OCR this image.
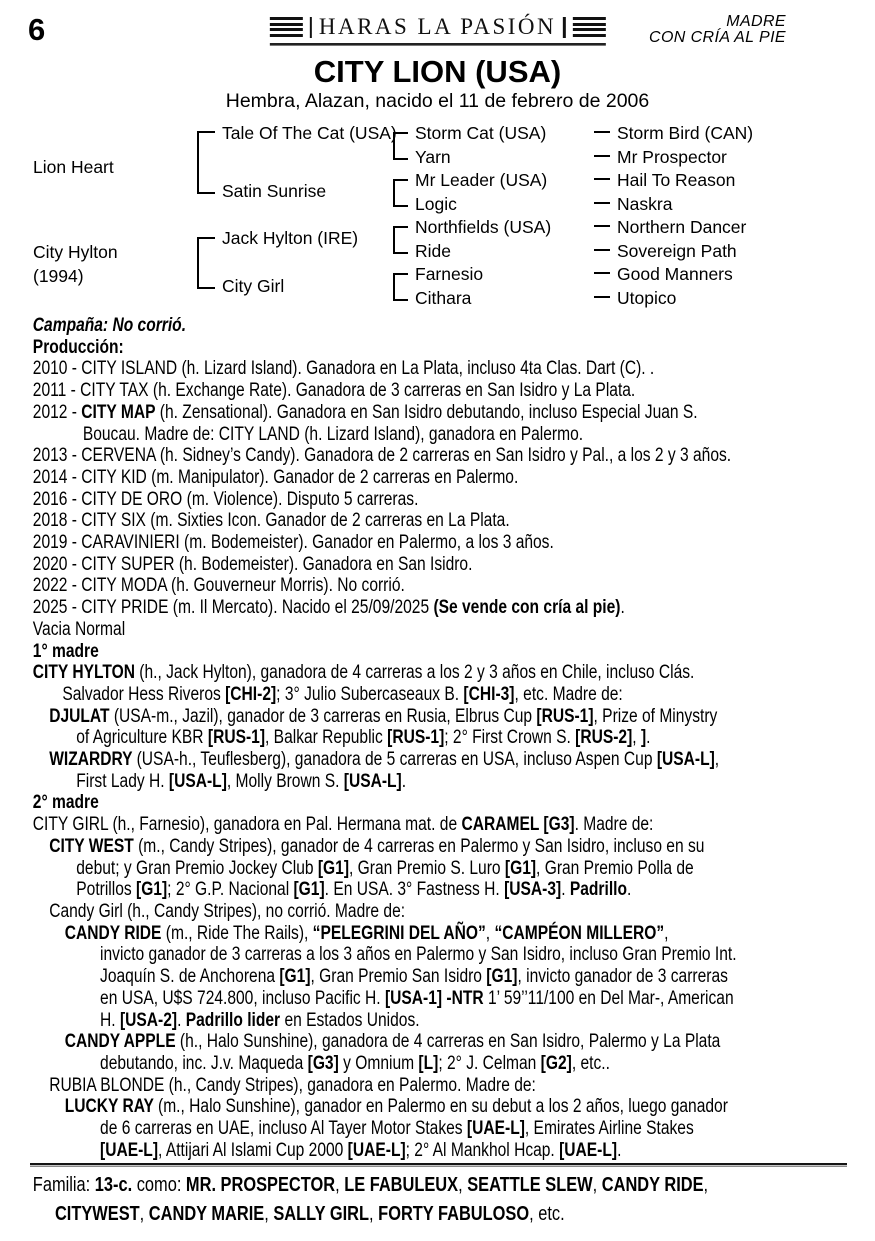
6	HARAS LA PASIÓN	MADRE
CON CRÍA AL PIE
CITY LION (USA)
Hembra, Alazan, nacido el 11 de febrero de 2006
Lion Heart
City Hylton
(1994)
Tale Of The Cat (USA)
Satin Sunrise
Jack Hylton (IRE)
City Girl
Storm Cat (USA)
Yarn
Mr Leader (USA)
Logic
Northfields (USA)
Ride
Farnesio
Cithara
Storm Bird (CAN)
Mr Prospector
Hail To Reason
Naskra
Northern Dancer
Sovereign Path
Good Manners
Utopico
Campaña: No corrió.
Producción:
2010 - CITY ISLAND (h. Lizard Island). Ganadora en La Plata, incluso 4ta Clas. Dart (C). .
2011 - CITY TAX (h. Exchange Rate). Ganadora de 3 carreras en San Isidro y La Plata.
2012 - CITY MAP (h. Zensational). Ganadora en San Isidro debutando, incluso Especial Juan S.
Boucau. Madre de: CITY LAND (h. Lizard Island), ganadora en Palermo.
2013 - CERVENA (h. Sidney’s Candy). Ganadora de 2 carreras en San Isidro y Pal., a los 2 y 3 años.
2014 - CITY KID (m. Manipulator). Ganador de 2 carreras en Palermo.
2016 - CITY DE ORO (m. Violence). Disputo 5 carreras.
2018 - CITY SIX (m. Sixties Icon. Ganador de 2 carreras en La Plata.
2019 - CARAVINIERI (m. Bodemeister). Ganador en Palermo, a los 3 años.
2020 - CITY SUPER (h. Bodemeister). Ganadora en San Isidro.
2022 - CITY MODA (h. Gouverneur Morris). No corrió.
2025 - CITY PRIDE (m. Il Mercato). Nacido el 25/09/2025 (Se vende con cría al pie).
Vacia Normal
1° madre
CITY HYLTON (h., Jack Hylton), ganadora de 4 carreras a los 2 y 3 años en Chile, incluso Clás.
Salvador Hess Riveros [CHI-2]; 3° Julio Subercaseaux B. [CHI-3], etc. Madre de:
DJULAT (USA-m., Jazil), ganador de 3 carreras en Rusia, Elbrus Cup [RUS-1], Prize of Minystry
of Agriculture KBR [RUS-1], Balkar Republic [RUS-1]; 2° First Crown S. [RUS-2], ].
WIZARDRY (USA-h., Teuflesberg), ganadora de 5 carreras en USA, incluso Aspen Cup [USA-L],
First Lady H. [USA-L], Molly Brown S. [USA-L].
2° madre
CITY GIRL (h., Farnesio), ganadora en Pal. Hermana mat. de CARAMEL [G3]. Madre de:
CITY WEST (m., Candy Stripes), ganador de 4 carreras en Palermo y San Isidro, incluso en su
debut; y Gran Premio Jockey Club [G1], Gran Premio S. Luro [G1], Gran Premio Polla de
Potrillos [G1]; 2° G.P. Nacional [G1]. En USA. 3° Fastness H. [USA-3]. Padrillo.
Candy Girl (h., Candy Stripes), no corrió. Madre de:
CANDY RIDE (m., Ride The Rails), “PELEGRINI DEL AÑO”, “CAMPÉON MILLERO”,
invicto ganador de 3 carreras a los 3 años en Palermo y San Isidro, incluso Gran Premio Int.
Joaquín S. de Anchorena [G1], Gran Premio San Isidro [G1], invicto ganador de 3 carreras
en USA, U$S 724.800, incluso Pacific H. [USA-1] -NTR 1’ 59’’11/100 en Del Mar-, American
H. [USA-2]. Padrillo lider en Estados Unidos.
CANDY APPLE (h., Halo Sunshine), ganadora de 4 carreras en San Isidro, Palermo y La Plata
debutando, inc. J.v. Maqueda [G3] y Omnium [L]; 2° J. Celman [G2], etc..
RUBIA BLONDE (h., Candy Stripes), ganadora en Palermo. Madre de:
LUCKY RAY (m., Halo Sunshine), ganador en Palermo en su debut a los 2 años, luego ganador
de 6 carreras en UAE, incluso Al Tayer Motor Stakes [UAE-L], Emirates Airline Stakes
[UAE-L], Attijari Al Islami Cup 2000 [UAE-L]; 2° Al Mankhol Hcap. [UAE-L].
Familia: 13-c. como: MR. PROSPECTOR, LE FABULEUX, SEATTLE SLEW, CANDY RIDE,
CITYWEST, CANDY MARIE, SALLY GIRL, FORTY FABULOSO, etc.
